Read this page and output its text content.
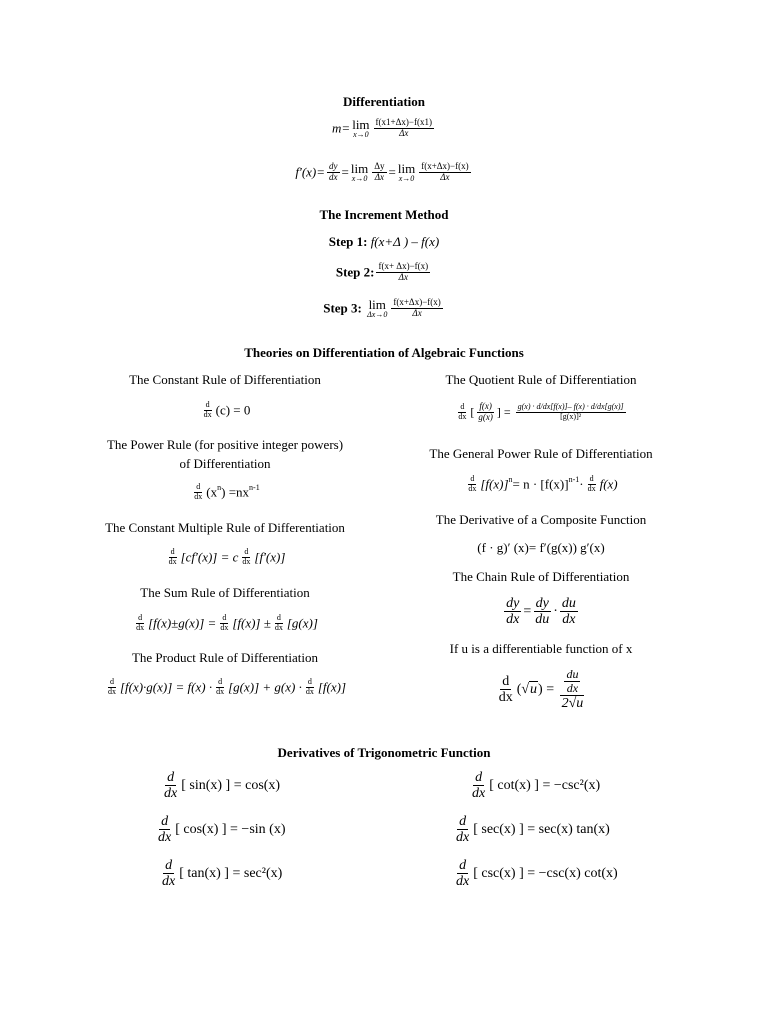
Differentiation
m= lim
$x\to 0 \frac{f(x1+\Delta x)-f(x1)}{\Delta x}$
$f'(x)= \frac{dy}{dx} = \lim$
$x\to 0 \frac{\Delta y}{\Delta x} = \lim$
$x\to 0 \frac{f(x+\Delta x)-f(x)}{\Delta x}$
The Increment Method
Step 1: f(x+Δ ) – f(x)
Step 2: $\frac{f(x+ \Delta x)-f(x)}{\Delta x}$
Step 3: lim
$\Delta x\to 0 \frac{f(x+\Delta x)-f(x)}{\Delta x}$
Theories on Differentiation of Algebraic Functions
The Constant Rule of Differentiation
$\frac{d}{dx} (c) = 0$
The Power Rule (for positive integer powers)
of Differentiation
$\frac{d}{dx} (x^n) =nx^{n-1}$
The Constant Multiple Rule of Differentiation
$\frac{d}{dx} [cf'(x)] = c \frac{d}{dx} [f'(x)]$
The Sum Rule of Differentiation
$\frac{d}{dx} [f(x)\pm g(x)] = \frac{d}{dx} [f(x)] \pm \frac{d}{dx} [g(x)]$
The Product Rule of Differentiation
$\frac{d}{dx} [f(x)\cdot g(x)] = f(x) \cdot \frac{d}{dx} [g(x)] + g(x) \cdot \frac{d}{dx} [f(x)]$
The Quotient Rule of Differentiation
$\frac{d}{dx}$ [ $\frac{f(x)}{g(x)}$ ] = $\frac{g(x) \cdot d/dx[f(x)]- f(x) \cdot d/dx[g(x)]}{\text{[g(x)]²}}$
The General Power Rule of Differentiation
$\frac{d}{dx} [f(x)]^n= n \cdot [f(x)]^{n-1}\cdot \frac{d}{dx} f(x)$
The Derivative of a Composite Function
(f · g)′ (x)= f′(g(x)) g′(x)
The Chain Rule of Differentiation
$\frac{dy}{dx} = \frac{dy}{du} \cdot \frac{du}{dx}$
If u is a differentiable function of x
$\frac{d}{dx} (√u) = \frac{du}{dx}$
2√u
Derivatives of Trigonometric Function
$\frac{d}{dx}$ [ sin(x) ] = cos(x)	$\frac{d}{dx}$ [ cot(x) ] = −csc²(x)
$\frac{d}{dx}$ [ cos(x) ] = −sin (x)	$\frac{d}{dx}$ [ sec(x) ] = sec(x) tan(x)
$\frac{d}{dx}$ [ tan(x) ] = sec²(x)	$\frac{d}{dx}$ [ csc(x) ] = −csc(x) cot(x)
